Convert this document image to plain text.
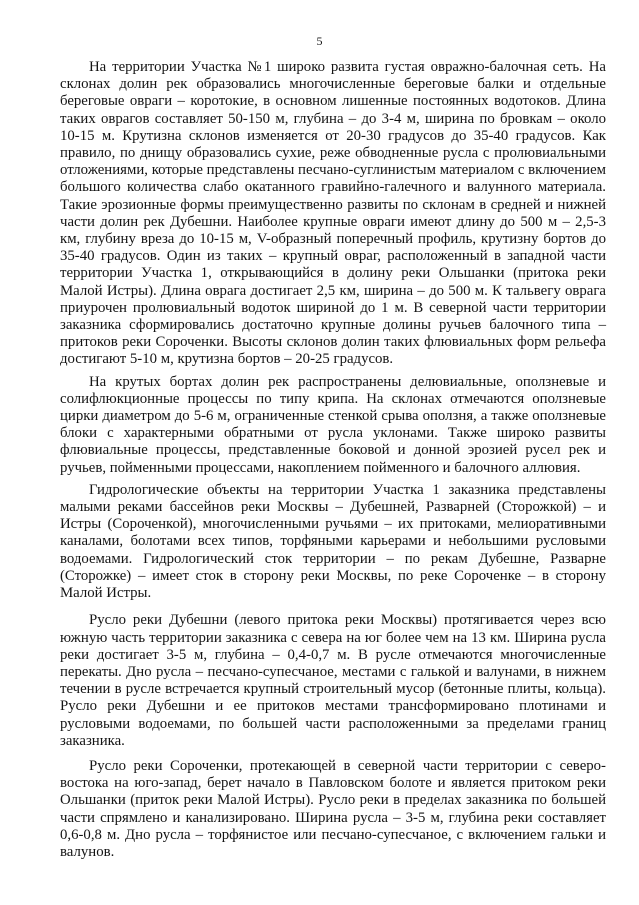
5

На территории Участка №1 широко развита густая овражно-балочная сеть. На склонах долин рек образовались многочисленные береговые балки и отдельные береговые овраги – коротокие, в основном лишенные постоянных водотоков. Длина таких оврагов составляет 50-150 м, глубина – до 3-4 м, ширина по бровкам – около 10-15 м. Крутизна склонов изменяется от 20-30 градусов до 35-40 градусов. Как правило, по днищу образовались сухие, реже обводненные русла с пролювиальными отложениями, которые представлены песчано-суглинистым материалом с включением большого количества слабо окатанного гравийно-галечного и валунного материала. Такие эрозионные формы преимущественно развиты по склонам в средней и нижней части долин рек Дубешни. Наиболее крупные овраги имеют длину до 500 м – 2,5-3 км, глубину вреза до 10-15 м, V-образный поперечный профиль, крутизну бортов до 35-40 градусов. Один из таких – крупный овраг, расположенный в западной части территории Участка 1, открывающийся в долину реки Ольшанки (притока реки Малой Истры). Длина оврага достигает 2,5 км, ширина – до 500 м. К тальвегу оврага приурочен пролювиальный водоток шириной до 1 м. В северной части территории заказника сформировались достаточно крупные долины ручьев балочного типа – притоков реки Сороченки. Высоты склонов долин таких флювиальных форм рельефа достигают 5-10 м, крутизна бортов – 20-25 градусов.

На крутых бортах долин рек распространены делювиальные, оползневые и солифлюкционные процессы по типу крипа. На склонах отмечаются оползневые цирки диаметром до 5-6 м, ограниченные стенкой срыва оползня, а также оползневые блоки с характерными обратными от русла уклонами. Также широко развиты флювиальные процессы, представленные боковой и донной эрозией русел рек и ручьев, пойменными процессами, накоплением пойменного и балочного аллювия.

Гидрологические объекты на территории Участка 1 заказника представлены малыми реками бассейнов реки Москвы – Дубешней, Разварней (Сторожкой) – и Истры (Сороченкой), многочисленными ручьями – их притоками, мелиоративными каналами, болотами всех типов, торфяными карьерами и небольшими русловыми водоемами. Гидрологический сток территории – по рекам Дубешне, Разварне (Сторожке) – имеет сток в сторону реки Москвы, по реке Сороченке – в сторону Малой Истры.

Русло реки Дубешни (левого притока реки Москвы) протягивается через всю южную часть территории заказника с севера на юг более чем на 13 км. Ширина русла реки достигает 3-5 м, глубина – 0,4-0,7 м. В русле отмечаются многочисленные перекаты. Дно русла – песчано-супесчаное, местами с галькой и валунами, в нижнем течении в русле встречается крупный строительный мусор (бетонные плиты, кольца). Русло реки Дубешни и ее притоков местами трансформировано плотинами и русловыми водоемами, по большей части расположенными за пределами границ заказника.

Русло реки Сороченки, протекающей в северной части территории с северо-востока на юго-запад, берет начало в Павловском болоте и является притоком реки Ольшанки (приток реки Малой Истры). Русло реки в пределах заказника по большей части спрямлено и канализировано. Ширина русла – 3-5 м, глубина реки составляет 0,6-0,8 м. Дно русла – торфянистое или песчано-супесчаное, с включением гальки и валунов.
